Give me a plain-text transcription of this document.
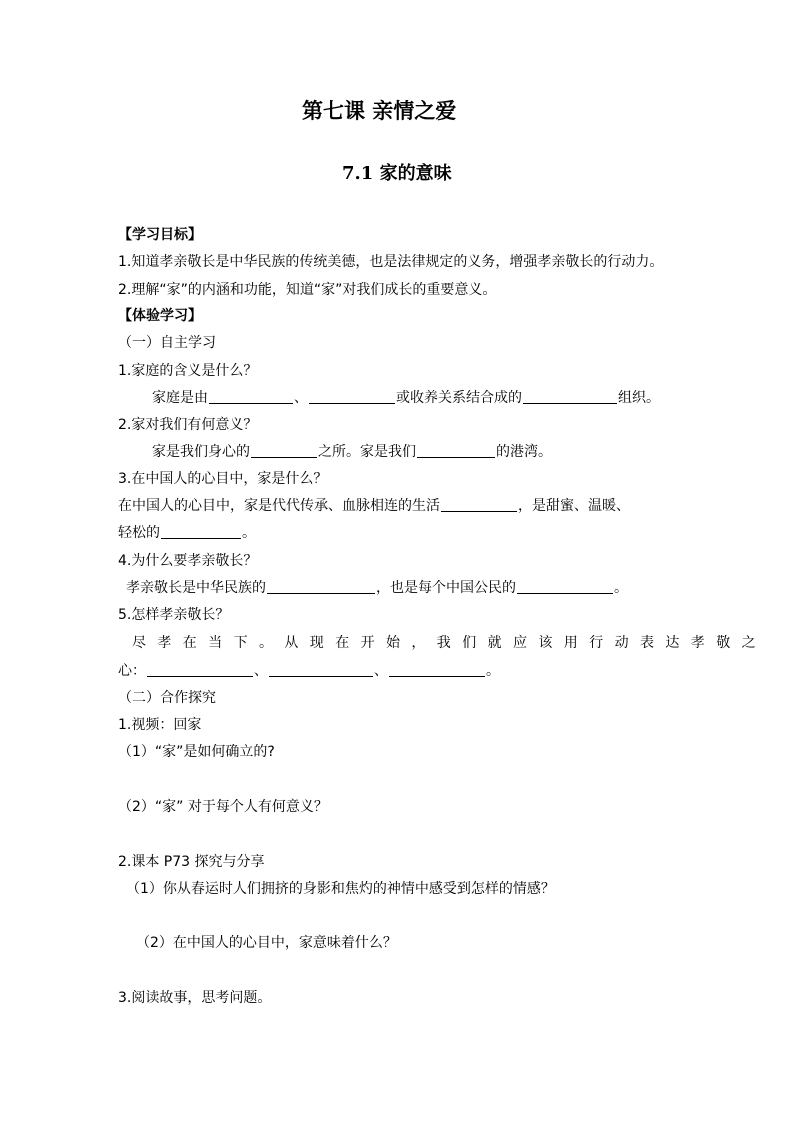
第七课 亲情之爱
7.1 家的意味
【学习目标】
1.知道孝亲敬长是中华民族的传统美德，也是法律规定的义务，增强孝亲敬长的行动力。
2.理解“家”的内涵和功能，知道“家”对我们成长的重要意义。
【体验学习】
（一）自主学习
1.家庭的含义是什么？
家庭是由	、	或收养关系结合成的	组织。
2.家对我们有何意义？
家是我们身心的	之所。家是我们	的港湾。
3.在中国人的心目中，家是什么？
在中国人的心目中，家是代代传承、血脉相连的生活	，是甜蜜、温暖、
轻松的	。
4.为什么要孝亲敬长？
孝亲敬长是中华民族的	，也是每个中国公民的	。
5.怎样孝亲敬长？
尽孝在当下。从现在开始，我们就应该用行动表达孝敬之
心：	、	、	。
（二）合作探究
1.视频：回家
（1）“家”是如何确立的?
（2）“家” 对于每个人有何意义？
2.课本 P73 探究与分享
（1）你从春运时人们拥挤的身影和焦灼的神情中感受到怎样的情感？
（2）在中国人的心目中，家意味着什么？
3.阅读故事，思考问题。
